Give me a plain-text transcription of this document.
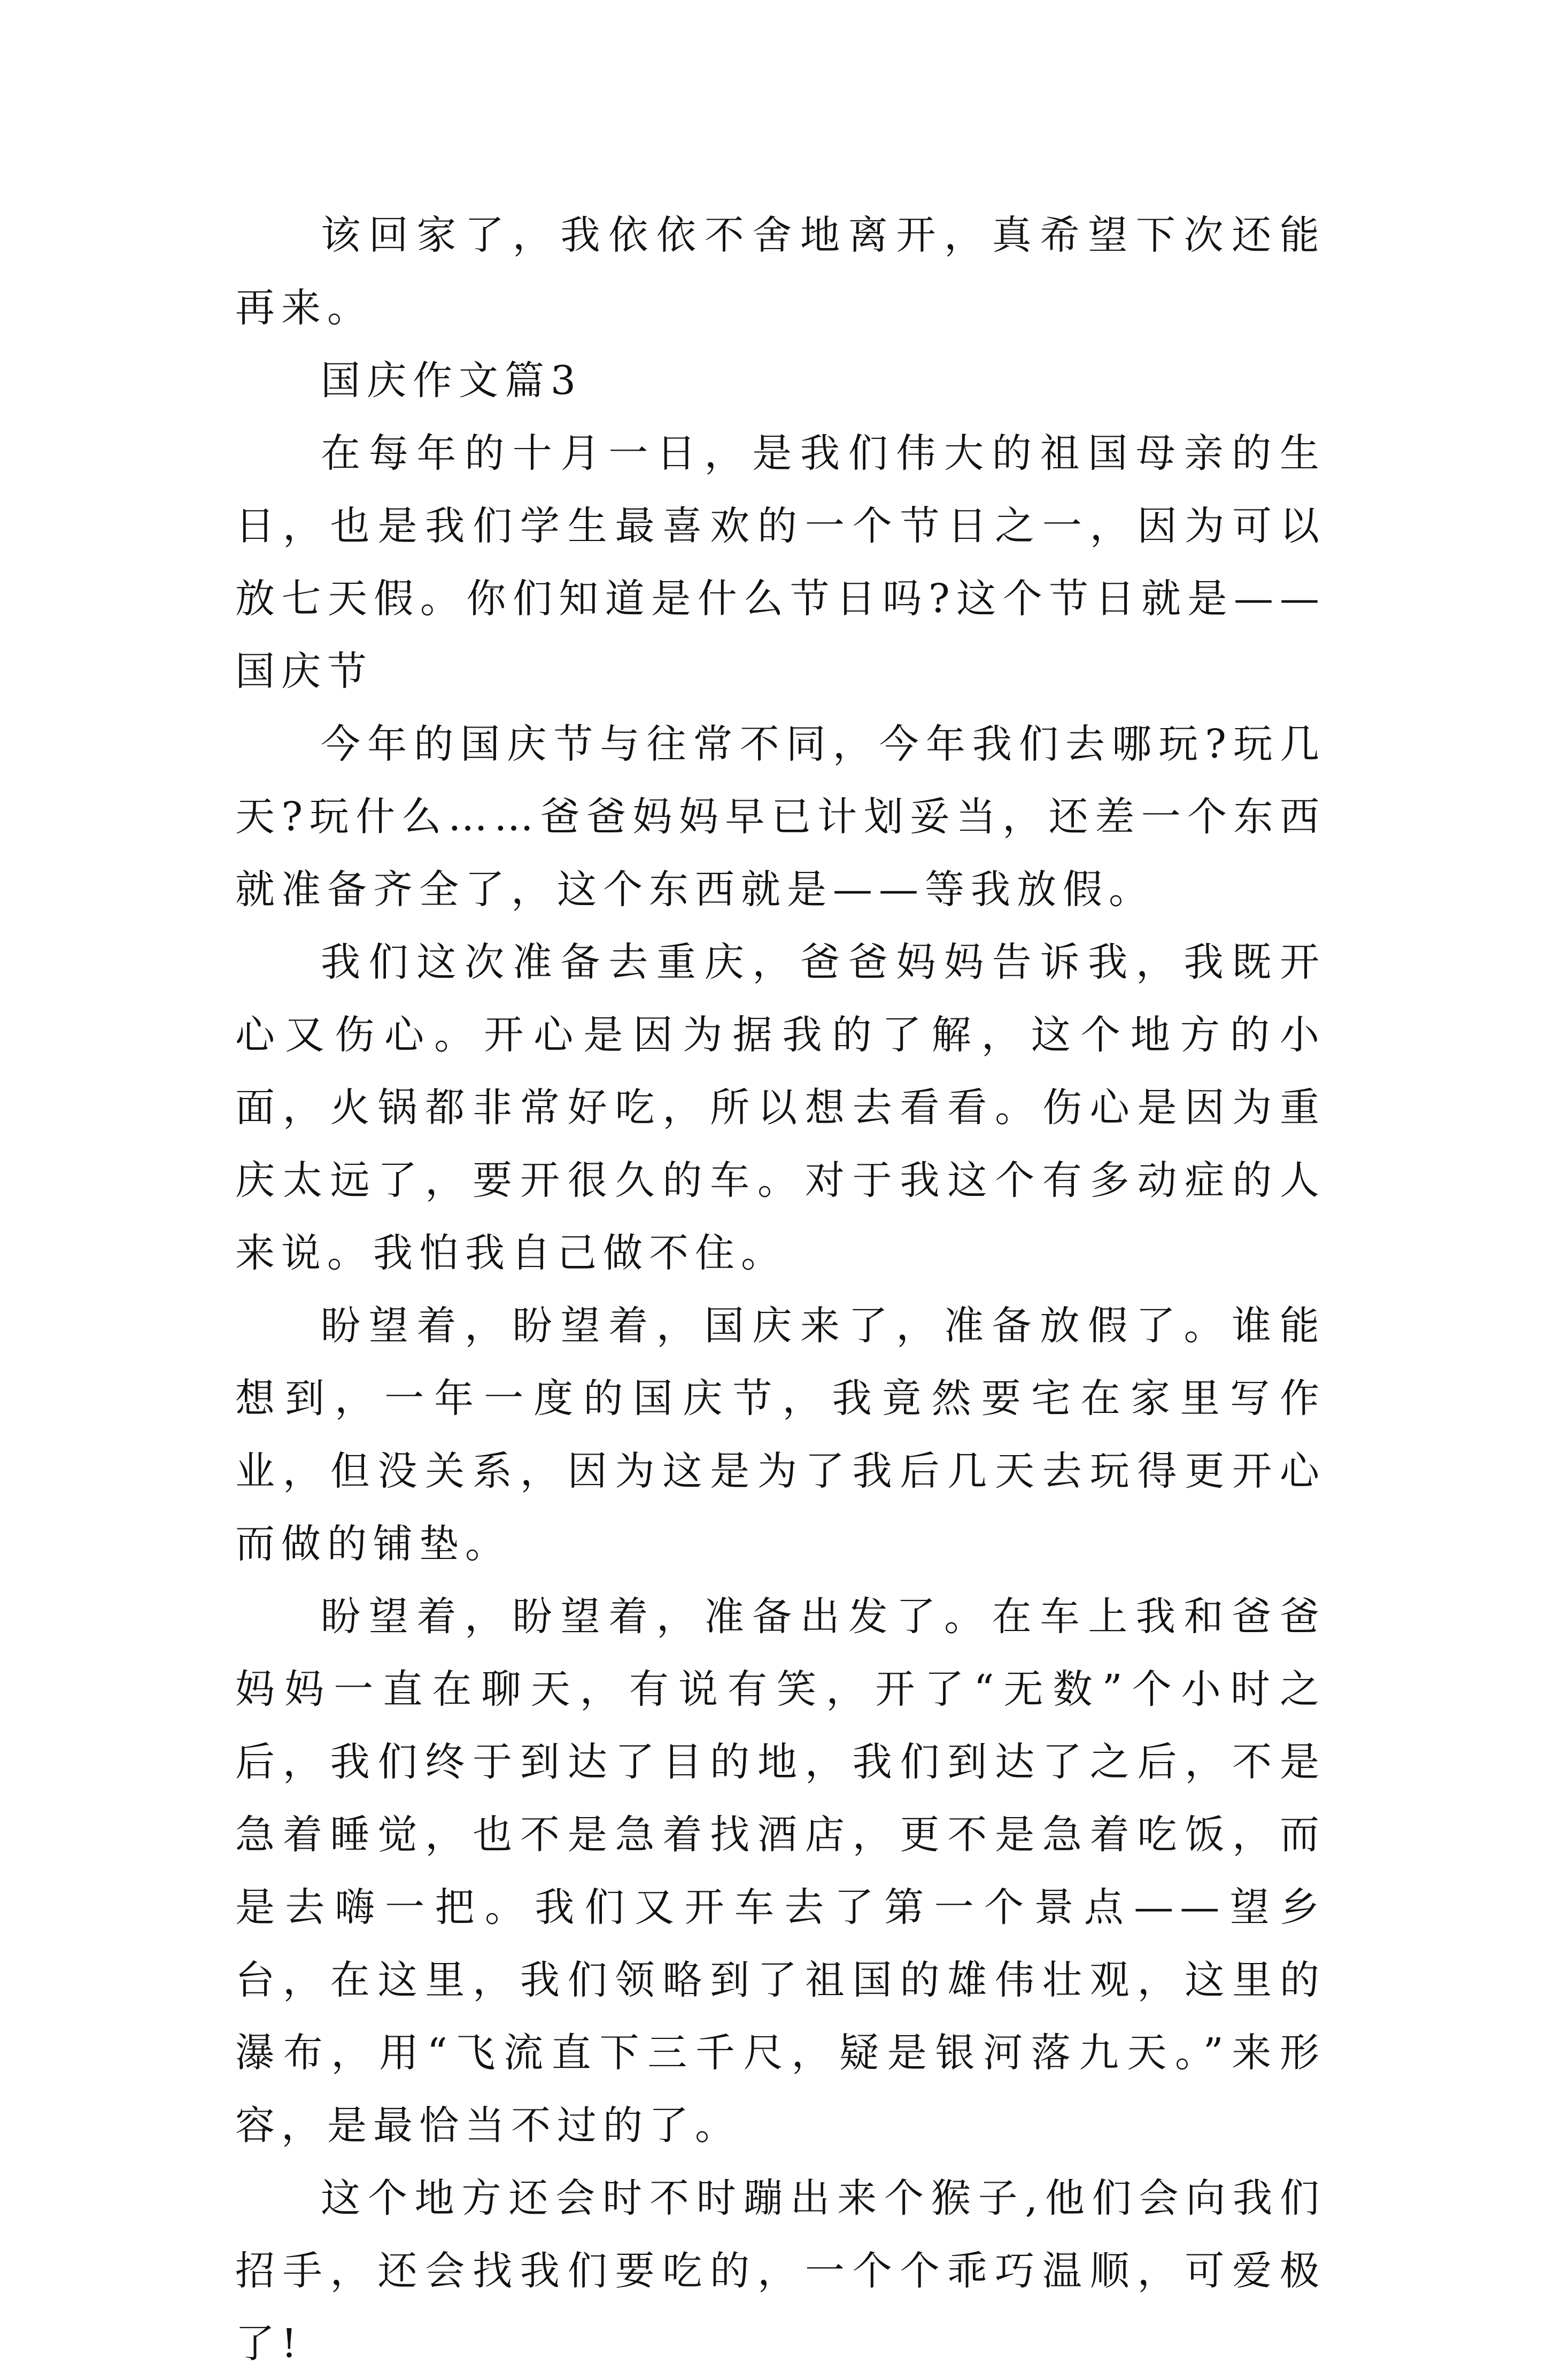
该回家了，我依依不舍地离开，真希望下次还能再来。

国庆作文篇3

在每年的十月一日，是我们伟大的祖国母亲的生日，也是我们学生最喜欢的一个节日之一，因为可以放七天假。你们知道是什么节日吗?这个节日就是——国庆节

今年的国庆节与往常不同，今年我们去哪玩?玩几天?玩什么……爸爸妈妈早已计划妥当，还差一个东西就准备齐全了，这个东西就是——等我放假。

我们这次准备去重庆，爸爸妈妈告诉我，我既开心又伤心。开心是因为据我的了解，这个地方的小面，火锅都非常好吃，所以想去看看。伤心是因为重庆太远了，要开很久的车。对于我这个有多动症的人来说。我怕我自己做不住。

盼望着，盼望着，国庆来了，准备放假了。谁能想到，一年一度的国庆节，我竟然要宅在家里写作业，但没关系，因为这是为了我后几天去玩得更开心而做的铺垫。

盼望着，盼望着，准备出发了。在车上我和爸爸妈妈一直在聊天，有说有笑，开了“无数”个小时之后，我们终于到达了目的地，我们到达了之后，不是急着睡觉，也不是急着找酒店，更不是急着吃饭，而是去嗨一把。我们又开车去了第一个景点——望乡台，在这里，我们领略到了祖国的雄伟壮观，这里的瀑布，用“飞流直下三千尺，疑是银河落九天。”来形容，是最恰当不过的了。

这个地方还会时不时蹦出来个猴子,他们会向我们招手，还会找我们要吃的，一个个乖巧温顺，可爱极了!
